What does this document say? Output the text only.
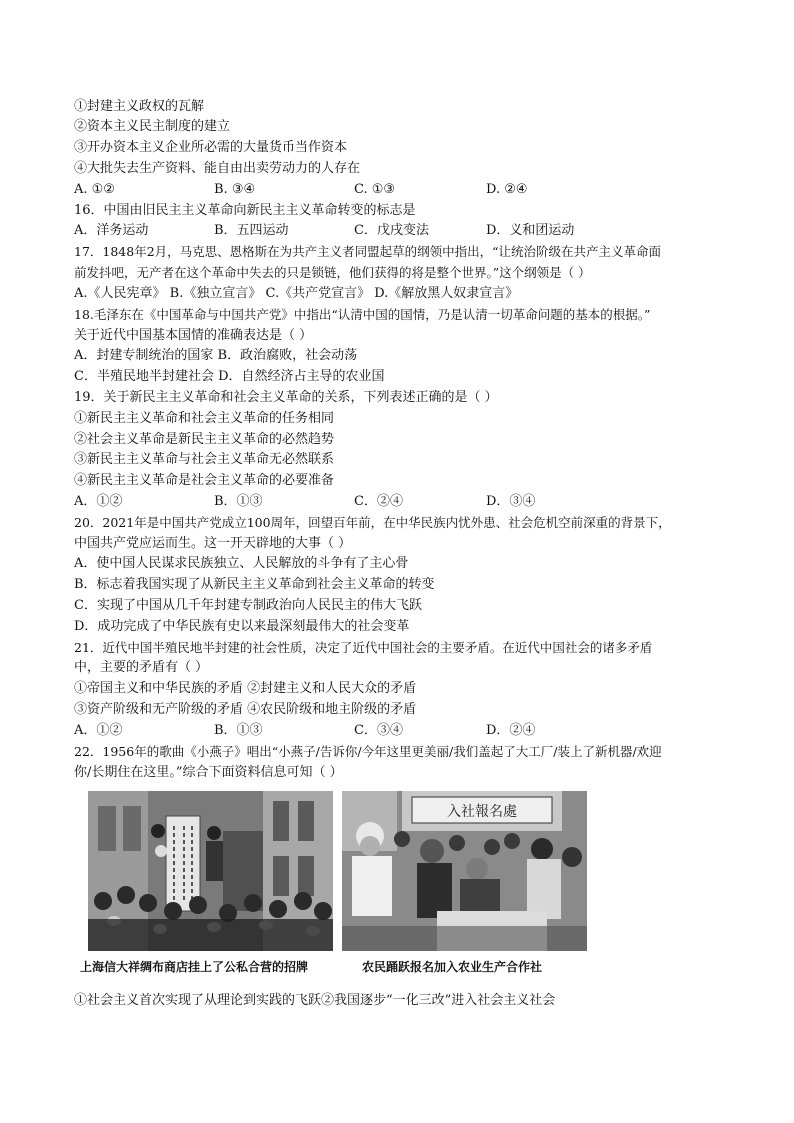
①封建主义政权的瓦解
②资本主义民主制度的建立
③开办资本主义企业所必需的大量货币当作资本
④大批失去生产资料、能自由出卖劳动力的人存在
A. ①②	B. ③④	C. ①③	D. ②④
16．中国由旧民主主义革命向新民主主义革命转变的标志是
A．洋务运动	B．五四运动	C．戊戌变法	D．义和团运动
17．1848年2月，马克思、恩格斯在为共产主义者同盟起草的纲领中指出，“让统治阶级在共产主义革命面
前发抖吧，无产者在这个革命中失去的只是锁链，他们获得的将是整个世界。”这个纲领是（ ）
A.《人民宪章》 B.《独立宣言》 C.《共产党宣言》 D.《解放黑人奴隶宣言》
18.毛泽东在《中国革命与中国共产党》中指出“认清中国的国情，乃是认清一切革命问题的基本的根据。”
关于近代中国基本国情的准确表达是（ ）
A．封建专制统治的国家 B．政治腐败，社会动荡
C．半殖民地半封建社会 D．自然经济占主导的农业国
19．关于新民主主义革命和社会主义革命的关系，下列表述正确的是（ ）
①新民主主义革命和社会主义革命的任务相同
②社会主义革命是新民主主义革命的必然趋势
③新民主主义革命与社会主义革命无必然联系
④新民主主义革命是社会主义革命的必要准备
A．①②	B．①③	C．②④	D．③④
20．2021年是中国共产党成立100周年，回望百年前，在中华民族内忧外患、社会危机空前深重的背景下，
中国共产党应运而生。这一开天辟地的大事（ ）
A．使中国人民谋求民族独立、人民解放的斗争有了主心骨
B．标志着我国实现了从新民主主义革命到社会主义革命的转变
C．实现了中国从几千年封建专制政治向人民民主的伟大飞跃
D．成功完成了中华民族有史以来最深刻最伟大的社会变革
21．近代中国半殖民地半封建的社会性质，决定了近代中国社会的主要矛盾。在近代中国社会的诸多矛盾
中，主要的矛盾有（ ）
①帝国主义和中华民族的矛盾 ②封建主义和人民大众的矛盾
③资产阶级和无产阶级的矛盾 ④农民阶级和地主阶级的矛盾
A．①②	B．①③	C．③④	D．②④
22．1956年的歌曲《小燕子》唱出“小燕子/告诉你/今年这里更美丽/我们盖起了大工厂/装上了新机器/欢迎
你/长期住在这里。”综合下面资料信息可知（ ）
入社報名處
上海信大祥绸布商店挂上了公私合营的招牌	农民踊跃报名加入农业生产合作社
①社会主义首次实现了从理论到实践的飞跃②我国逐步“一化三改”进入社会主义社会
